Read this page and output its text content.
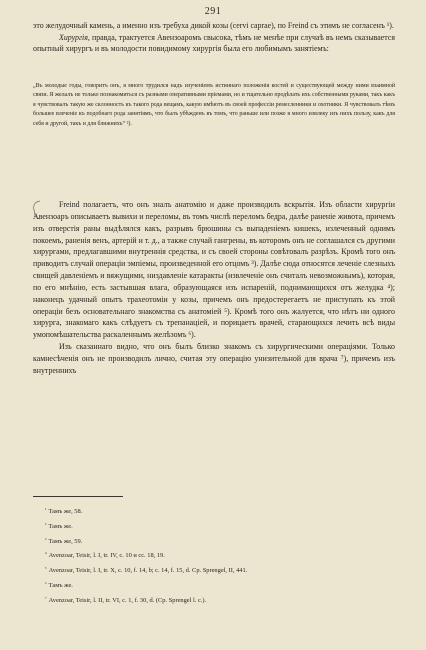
291

это желудочный камень, а именно изъ требуха дикой козы (cervi caprae), по Freind съ этимъ не согласенъ ¹).

Хирургія, правда, трактуется Авензоаромъ свысока, тѣмъ не менѣе при случаѣ въ немъ сказывается опытный хирургъ и въ молодости повидимому хирургія была его любимымъ занятіемъ:

„Въ молодые годы, говоритъ онъ, я много трудился надъ изученіемъ истиннаго положенія костей и существующей между ними взаимной связи. Я желалъ не только познакомиться съ разными оперативными пріемами, но и тщательно продѣлать ихъ собственными руками, такъ какъ я чувствовалъ такую же склонность къ такого рода вещамъ, какую имѣютъ въ своей профессіи ремесленники и охотники. Я чувствовалъ тѣмъ большее влеченіе къ подобнаго рода занятіямъ, что былъ убѣжденъ въ томъ, что раньше или позже я много извлеку изъ нихъ пользу, какъ для себя и другой, такъ и для ближнихъ“ ²).

Freind полагаетъ, что онъ зналъ анатомію и даже производилъ вскрытія. Изъ области хирургіи Авензоаръ описываетъ вывихи и переломы, въ томъ числѣ переломъ бедра, далѣе раненіе живота, причемъ изъ отверстія раны выдѣлялся какъ, разрывъ брюшины съ выпаденіемъ кишекъ, излеченный однимъ покоемъ, раненія венъ, артерій и т. д., а также случай гангрены, въ которомъ онъ не соглашался съ другими хирургами, предлагавшими внутреннія средства, и съ своей стороны совѣтовалъ разрѣзъ. Кромѣ того онъ приводитъ случай операціи эмпіемы, произведенной его отцомъ ³). Далѣе сюда относятся леченіе слезныхъ свищей давленіемъ и вяжущими, низдавленіе катаракты (извлеченіе онъ считалъ невозможнымъ), которая, по его мнѣнію, есть застывшая влага, образующаяся изъ испареній, поднимающихся отъ желудка ⁴); наконецъ удачный опытъ трахеотоміи у козы, причемъ онъ предостерегаетъ не приступать къ этой операціи безъ основательнаго знакомства съ анатоміей ⁵). Кромѣ того онъ жалуется, что нѣтъ ни одного хирурга, знакомаго какъ слѣдуетъ съ трепанаціей, и порицаетъ врачей, старающихся лечить всѣ виды умопомѣшательства раскаленнымъ желѣзомъ ⁶).

Изъ сказаннаго видно, что онъ былъ близко знакомъ съ хирургическими операціями. Только камнесѣченія онъ не производилъ лично, считая эту операцію унизительной для врача ⁷), причемъ изъ внутреннихъ

$^{^1}$ Тамъ же, 58.
$^{^2}$ Тамъ же.
$^{^3}$ Тамъ же, 59.
$^{^4}$ Avenzoar, Teisir, l. I, tr. IV, c. 10 и сс. 18, 19.
$^{^5}$ Avenzoar, Teisir, l. I, tr. X, c. 10, f. 14, b; c. 14, f. 15, d. Cp. Sprengel, II, 441.
$^{^6}$ Тамъ же.
$^{^7}$ Avenzoar, Teisir, l. II, tr. VI, c. 1, f. 30, d. (Cp. Sprengel l. c.).
